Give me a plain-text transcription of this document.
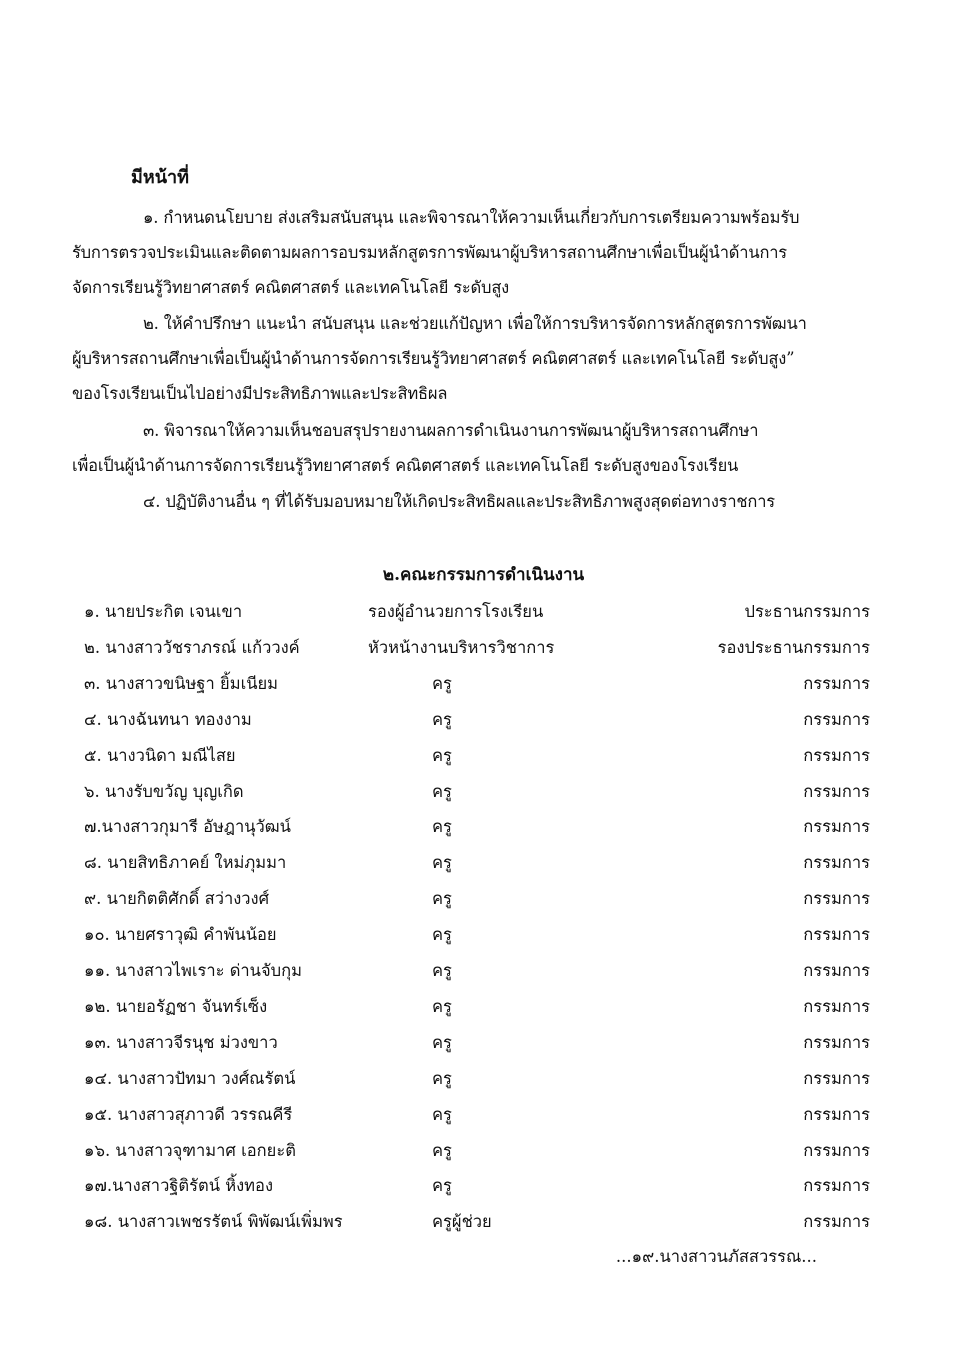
มีหน้าที่
๑. กำหนดนโยบาย ส่งเสริมสนับสนุน และพิจารณาให้ความเห็นเกี่ยวกับการเตรียมความพร้อมรับ
รับการตรวจประเมินและติดตามผลการอบรมหลักสูตรการพัฒนาผู้บริหารสถานศึกษาเพื่อเป็นผู้นำด้านการ
จัดการเรียนรู้วิทยาศาสตร์ คณิตศาสตร์ และเทคโนโลยี ระดับสูง
๒. ให้คำปรึกษา แนะนำ สนับสนุน และช่วยแก้ปัญหา เพื่อให้การบริหารจัดการหลักสูตรการพัฒนา
ผู้บริหารสถานศึกษาเพื่อเป็นผู้นำด้านการจัดการเรียนรู้วิทยาศาสตร์ คณิตศาสตร์ และเทคโนโลยี ระดับสูง”
ของโรงเรียนเป็นไปอย่างมีประสิทธิภาพและประสิทธิผล
๓. พิจารณาให้ความเห็นชอบสรุปรายงานผลการดำเนินงานการพัฒนาผู้บริหารสถานศึกษา
เพื่อเป็นผู้นำด้านการจัดการเรียนรู้วิทยาศาสตร์ คณิตศาสตร์ และเทคโนโลยี ระดับสูงของโรงเรียน
๔. ปฏิบัติงานอื่น ๆ ที่ได้รับมอบหมายให้เกิดประสิทธิผลและประสิทธิภาพสูงสุดต่อทางราชการ
๒.คณะกรรมการดำเนินงาน
๑. นายประกิต เจนเขา	รองผู้อำนวยการโรงเรียน	ประธานกรรมการ
๒. นางสาววัชราภรณ์ แก้ววงค์	หัวหน้างานบริหารวิชาการ	รองประธานกรรมการ
๓. นางสาวขนิษฐา ยิ้มเนียม	ครู	กรรมการ
๔. นางฉันทนา ทองงาม	ครู	กรรมการ
๕. นางวนิดา มณีไสย	ครู	กรรมการ
๖. นางรับขวัญ บุญเกิด	ครู	กรรมการ
๗.นางสาวกุมารี อัษฎานุวัฒน์	ครู	กรรมการ
๘. นายสิทธิภาคย์ ใหม่ภุมมา	ครู	กรรมการ
๙. นายกิตติศักดิ์ สว่างวงศ์	ครู	กรรมการ
๑๐. นายศราวุฒิ คำพันน้อย	ครู	กรรมการ
๑๑. นางสาวไพเราะ ด่านจับกุม	ครู	กรรมการ
๑๒. นายอรัฏชา จันทร์เซ็ง	ครู	กรรมการ
๑๓. นางสาวจีรนุช ม่วงขาว	ครู	กรรมการ
๑๔. นางสาวปัทมา วงศ์ณรัตน์	ครู	กรรมการ
๑๕. นางสาวสุภาวดี วรรณคีรี	ครู	กรรมการ
๑๖. นางสาวจุฑามาศ เอกยะติ	ครู	กรรมการ
๑๗.นางสาวฐิติรัตน์ หิ้งทอง	ครู	กรรมการ
๑๘. นางสาวเพชรรัตน์ พิพัฒน์เพิ่มพร	ครูผู้ช่วย	กรรมการ
...๑๙.นางสาวนภัสสวรรณ...
